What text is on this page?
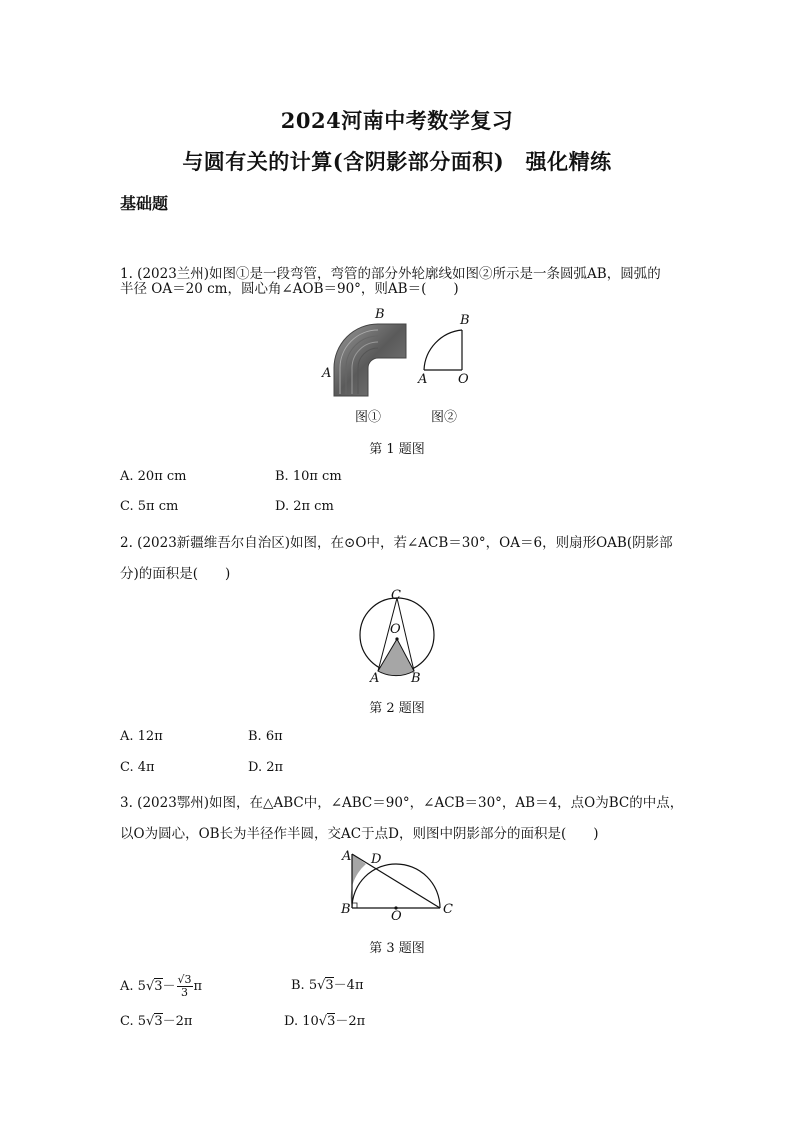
2024河南中考数学复习
与圆有关的计算(含阴影部分面积)　强化精练
基础题
1. (2023兰州)如图①是一段弯管，弯管的部分外轮廓线如图②所示是一条圆弧AB，圆弧的
半径 OA＝20 cm，圆心角∠AOB＝90°，则AB＝(　　)
A
B
A O
B
图①	图②
第 1 题图
A. 20π cm	B. 10π cm
C. 5π cm	D. 2π cm
2. (2023新疆维吾尔自治区)如图，在⊙O中，若∠ACB＝30°，OA＝6，则扇形OAB(阴影部
分)的面积是(　　)
C
O
A B
第 2 题图
A. 12π	B. 6π
C. 4π	D. 2π
3. (2023鄂州)如图，在△ABC中，∠ABC＝90°，∠ACB＝30°，AB＝4，点O为BC的中点，
以O为圆心，OB长为半径作半圆，交AC于点D，则图中阴影部分的面积是(　　)
A D
B	O	C
第 3 题图
A. $5√3- \frac{√3}{3}$ π	B. 5√3－4π
C. 5√3－2π	D. 10√3－2π
